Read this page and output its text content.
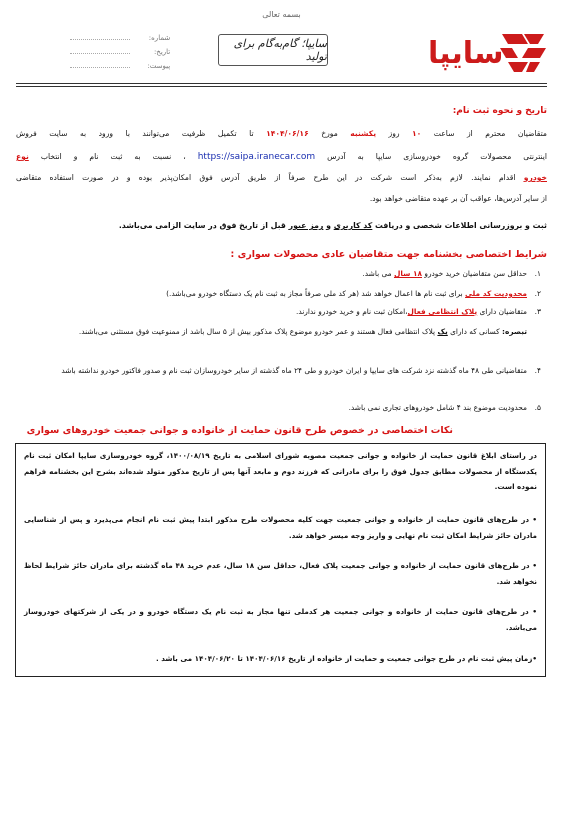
بسمه تعالی
شماره:
تاریخ:
پیوست:
سایپا؛ گام‌به‌گام برای تولید	سایپا
تاریخ و نحوه ثبت نام:
متقاضیان محترم از ساعت ۱۰ روز یکشنبه مورخ ۱۴۰۴/۰۶/۱۶ تا تکمیل ظرفیت می‌توانند با ورود به سایت فروش
اینترنتی محصولات گروه خودروسازی سایپا به آدرس https://saipa.iranecar.com ، نسبت به ثبت نام و انتخاب نوع
خودرو اقدام نمایند. لازم به‌ذکر است شرکت در این طرح صرفاً از طریق آدرس فوق امکان‌پذیر بوده و در صورت استفاده متقاضی
از سایر آدرس‌ها، عواقب آن بر عهده متقاضی خواهد بود.
ثبت و بروزرسانی اطلاعات شخصی و دریافت کد کاربری و رمز عبور قبل از تاریخ فوق در سایت الزامی می‌باشد.
شرایط اختصاصی بخشنامه جهت متقاضیان عادی محصولات سواری :
۱.
حداقل سن متقاضیان خرید خودرو ۱۸ سال می باشد.
۲.
محدودیت کد ملی برای ثبت نام ها اعمال خواهد شد (هر کد ملی صرفاً مجاز به ثبت نام یک دستگاه خودرو می‌باشد.)
۳.
متقاضیان دارای پلاک انتظامی فعال،امکان ثبت نام و خرید خودرو ندارند.
تبصره: کسانی که دارای یک پلاک انتظامی فعال هستند و عمر خودرو موضوع پلاک مذکور بیش از ۵ سال باشد از ممنوعیت فوق مستثنی می‌باشند.
۴.
متقاضیانی طی ۴۸ ماه گذشته نزد شرکت های سایپا و ایران خودرو و طی ۲۴ ماه گذشته از سایر خودروسازان ثبت نام و صدور فاکتور خودرو نداشته باشد
۵.
محدودیت موضوع بند ۴ شامل خودروهای تجاری نمی باشد.
نکات اختصاصی در خصوص طرح قانون حمایت از خانواده و جوانی جمعیت خودروهای سواری
در راستای ابلاغ قانون حمایت از خانواده و جوانی جمعیت مصوبه شورای اسلامی به تاریخ ۱۴۰۰/۰۸/۱۹، گروه خودروسازی سایپا امکان ثبت نام یکدستگاه از محصولات مطابق جدول فوق را برای مادرانی که فرزند دوم و مابعد آنها پس از تاریخ مذکور متولد شده‌اند بشرح این بخشنامه فراهم نموده است.
• در طرح‌های قانون حمایت از خانواده و جوانی جمعیت جهت کلیه محصولات طرح مذکور ابتدا پیش ثبت نام انجام می‌پذیرد و پس از شناسایی مادران حائز شرایط امکان ثبت نام نهایی و واریز وجه میسر خواهد شد.
• در طرح‌های قانون حمایت از خانواده و جوانی جمعیت پلاک فعال، حداقل سن ۱۸ سال، عدم خرید ۴۸ ماه گذشته برای مادران حائز شرایط لحاظ نخواهد شد.
• در طرح‌های قانون حمایت از خانواده و جوانی جمعیت هر کدملی تنها مجاز به ثبت نام یک دستگاه خودرو و در یکی از شرکتهای خودروساز می‌باشد.
•زمان پیش ثبت نام در طرح جوانی جمعیت و حمایت از خانواده از تاریخ ۱۴۰۴/۰۶/۱۶ تا ۱۴۰۴/۰۶/۲۰ می باشد .
